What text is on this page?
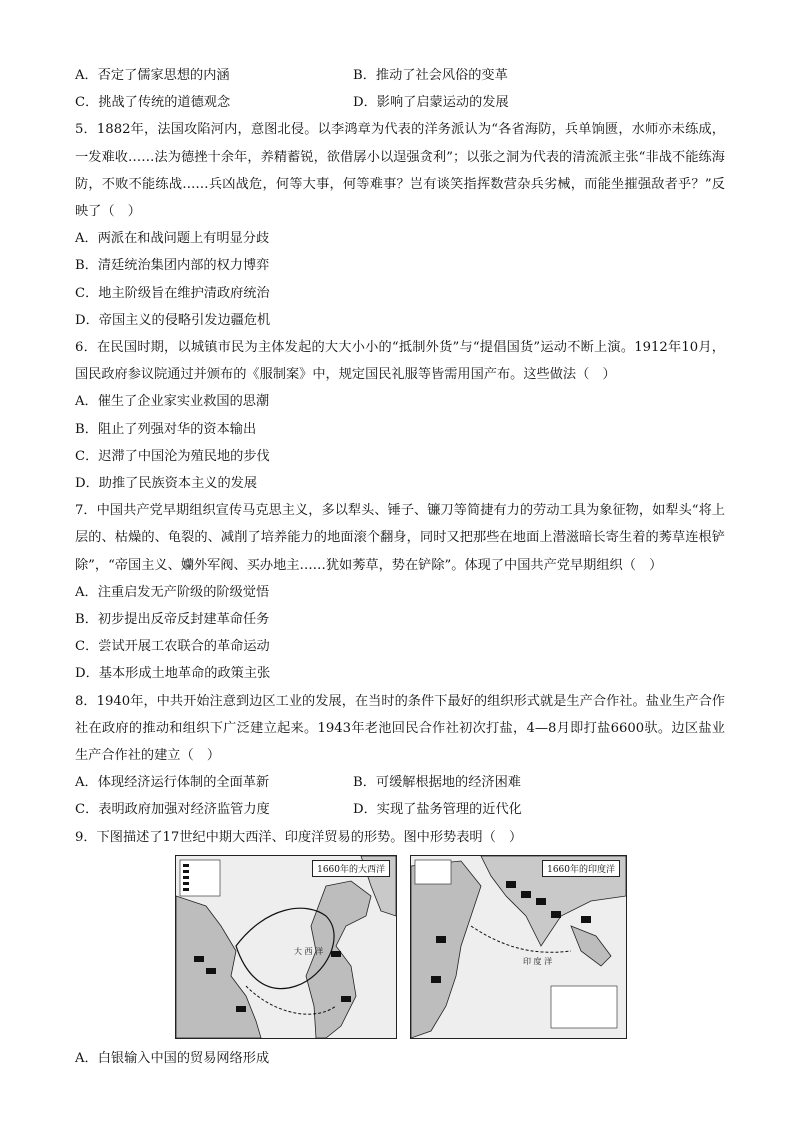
A．否定了儒家思想的内涵	B．推动了社会风俗的变革
C．挑战了传统的道德观念	D．影响了启蒙运动的发展
5．1882年，法国攻陷河内，意图北侵。以李鸿章为代表的洋务派认为“各省海防，兵单饷匮，水师亦未练成，一发难收……法为德挫十余年，养精蓄锐，欲借孱小以逞强贪利”；以张之洞为代表的清流派主张“非战不能练海防，不败不能练战……兵凶战危，何等大事，何等难事？岂有谈笑指挥数营杂兵劣械，而能坐摧强敌者乎？”反映了（　）
A．两派在和战问题上有明显分歧
B．清廷统治集团内部的权力博弈
C．地主阶级旨在维护清政府统治
D．帝国主义的侵略引发边疆危机
6．在民国时期，以城镇市民为主体发起的大大小小的“抵制外货”与“提倡国货”运动不断上演。1912年10月，国民政府参议院通过并颁布的《服制案》中，规定国民礼服等皆需用国产布。这些做法（　）
A．催生了企业家实业救国的思潮
B．阻止了列强对华的资本输出
C．迟滞了中国沦为殖民地的步伐
D．助推了民族资本主义的发展
7．中国共产党早期组织宣传马克思主义，多以犁头、锤子、镰刀等简捷有力的劳动工具为象征物，如犁头“将上层的、枯燥的、龟裂的、减削了培养能力的地面滚个翻身，同时又把那些在地面上潜滋暗长寄生着的莠草连根铲除”，“帝国主义、孏外军阀、买办地主……犹如莠草，势在铲除”。体现了中国共产党早期组织（　）
A．注重启发无产阶级的阶级觉悟
B．初步提出反帝反封建革命任务
C．尝试开展工农联合的革命运动
D．基本形成土地革命的政策主张
8．1940年，中共开始注意到边区工业的发展，在当时的条件下最好的组织形式就是生产合作社。盐业生产合作社在政府的推动和组织下广泛建立起来。1943年老池回民合作社初次打盐，4—8月即打盐6600驮。边区盐业生产合作社的建立（　）
A．体现经济运行体制的全面革新	B．可缓解根据地的经济困难
C．表明政府加强对经济监管力度	D．实现了盐务管理的近代化
9．下图描述了17世纪中期大西洋、印度洋贸易的形势。图中形势表明（　）
大 西 洋
1660年的大西洋
印 度 洋
1660年的印度洋
A．白银输入中国的贸易网络形成
